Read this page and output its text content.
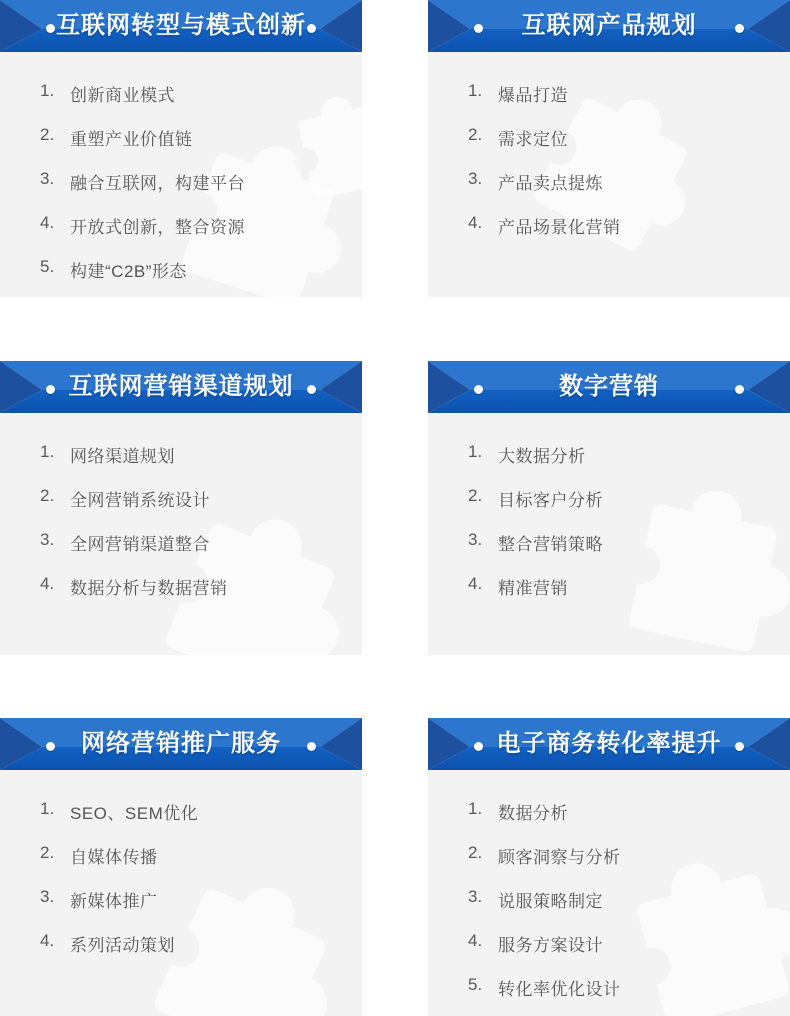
互联网转型与模式创新
1. 创新商业模式
2. 重塑产业价值链
3. 融合互联网，构建平台
4. 开放式创新，整合资源
5. 构建“C2B”形态
互联网产品规划
1. 爆品打造
2. 需求定位
3. 产品卖点提炼
4. 产品场景化营销
互联网营销渠道规划
1. 网络渠道规划
2. 全网营销系统设计
3. 全网营销渠道整合
4. 数据分析与数据营销
数字营销
1. 大数据分析
2. 目标客户分析
3. 整合营销策略
4. 精准营销
网络营销推广服务
1. SEO、SEM优化
2. 自媒体传播
3. 新媒体推广
4. 系列活动策划
电子商务转化率提升
1. 数据分析
2. 顾客洞察与分析
3. 说服策略制定
4. 服务方案设计
5. 转化率优化设计
